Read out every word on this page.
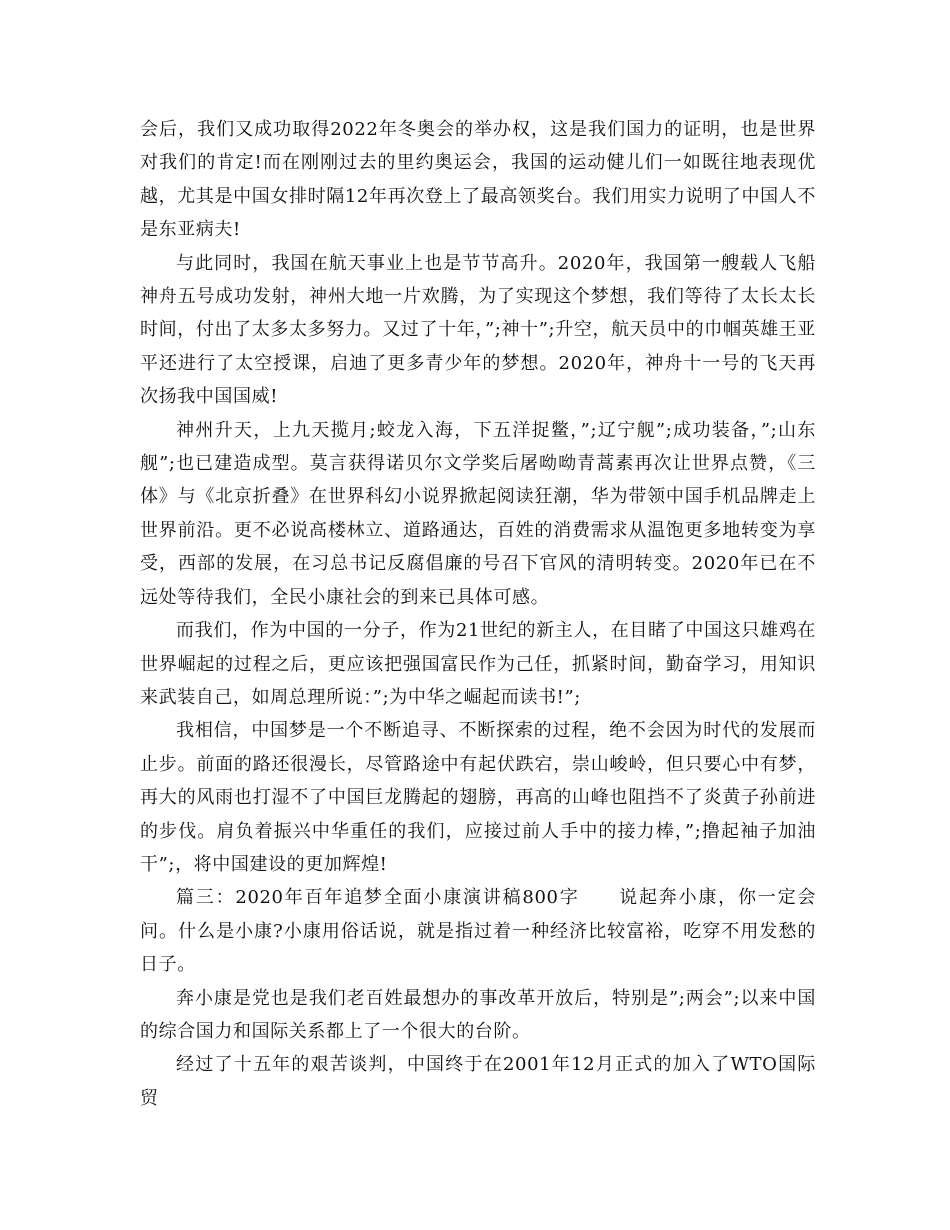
会后，我们又成功取得2022年冬奥会的举办权，这是我们国力的证明，也是世界对我们的肯定!而在刚刚过去的里约奥运会，我国的运动健儿们一如既往地表现优越，尤其是中国女排时隔12年再次登上了最高领奖台。我们用实力说明了中国人不是东亚病夫!

与此同时，我国在航天事业上也是节节高升。2020年，我国第一艘载人飞船神舟五号成功发射，神州大地一片欢腾，为了实现这个梦想，我们等待了太长太长时间，付出了太多太多努力。又过了十年，”;神十”;升空，航天员中的巾帼英雄王亚平还进行了太空授课，启迪了更多青少年的梦想。2020年，神舟十一号的飞天再次扬我中国国威!

神州升天，上九天揽月;蛟龙入海，下五洋捉鳖，”;辽宁舰”;成功装备，”;山东舰”;也已建造成型。莫言获得诺贝尔文学奖后屠呦呦青蒿素再次让世界点赞，《三体》与《北京折叠》在世界科幻小说界掀起阅读狂潮，华为带领中国手机品牌走上世界前沿。更不必说高楼林立、道路通达，百姓的消费需求从温饱更多地转变为享受，西部的发展，在习总书记反腐倡廉的号召下官风的清明转变。2020年已在不远处等待我们，全民小康社会的到来已具体可感。

而我们，作为中国的一分子，作为21世纪的新主人，在目睹了中国这只雄鸡在世界崛起的过程之后，更应该把强国富民作为己任，抓紧时间，勤奋学习，用知识来武装自己，如周总理所说：”;为中华之崛起而读书!”;

我相信，中国梦是一个不断追寻、不断探索的过程，绝不会因为时代的发展而止步。前面的路还很漫长，尽管路途中有起伏跌宕，崇山峻岭，但只要心中有梦，再大的风雨也打湿不了中国巨龙腾起的翅膀，再高的山峰也阻挡不了炎黄子孙前进的步伐。肩负着振兴中华重任的我们，应接过前人手中的接力棒，”;撸起袖子加油干”;，将中国建设的更加辉煌!

篇三：2020年百年追梦全面小康演讲稿800字　　说起奔小康，你一定会问。什么是小康?小康用俗话说，就是指过着一种经济比较富裕，吃穿不用发愁的日子。

奔小康是党也是我们老百姓最想办的事改革开放后，特别是”;两会”;以来中国的综合国力和国际关系都上了一个很大的台阶。

经过了十五年的艰苦谈判，中国终于在2001年12月正式的加入了WTO国际贸
